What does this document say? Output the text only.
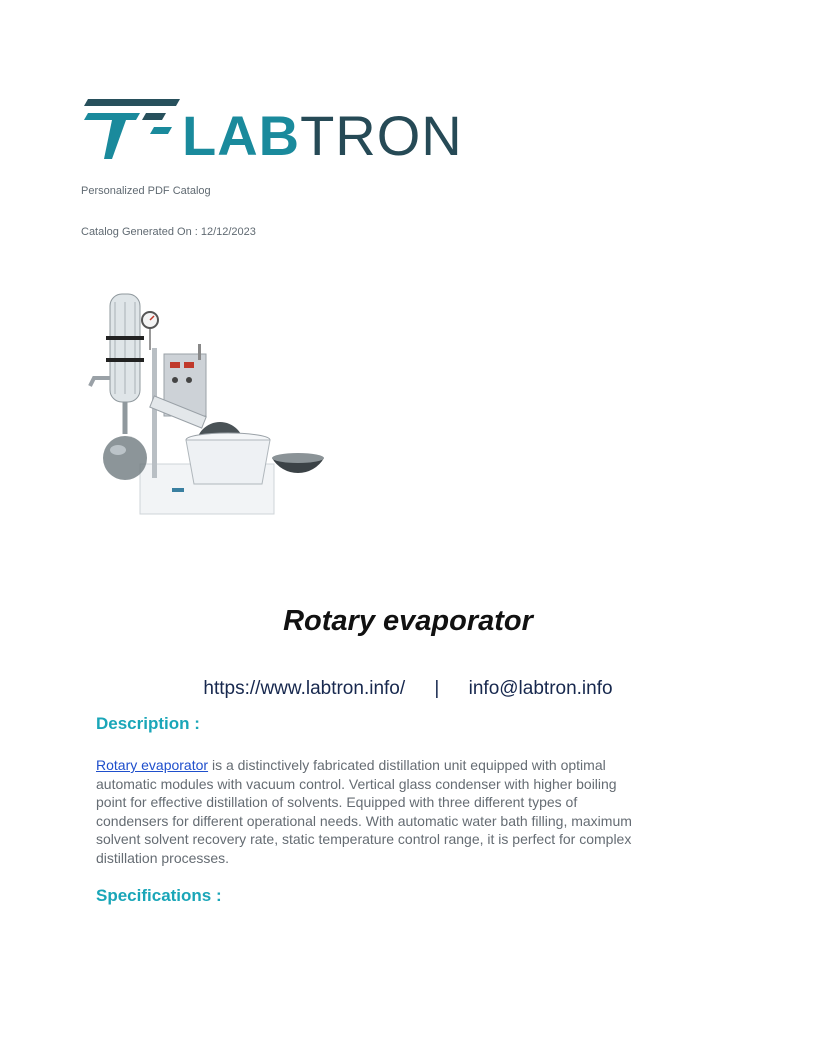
LABTRON
Personalized PDF Catalog
Catalog Generated On : 12/12/2023
Rotary evaporator
https://www.labtron.info/ | info@labtron.info
Description :
Rotary evaporator is a distinctively fabricated distillation unit equipped with optimal automatic modules with vacuum control. Vertical glass condenser with higher boiling point for effective distillation of solvents. Equipped with three different types of condensers for different operational needs. With automatic water bath filling, maximum solvent solvent recovery rate, static temperature control range, it is perfect for complex distillation processes.
Specifications :
